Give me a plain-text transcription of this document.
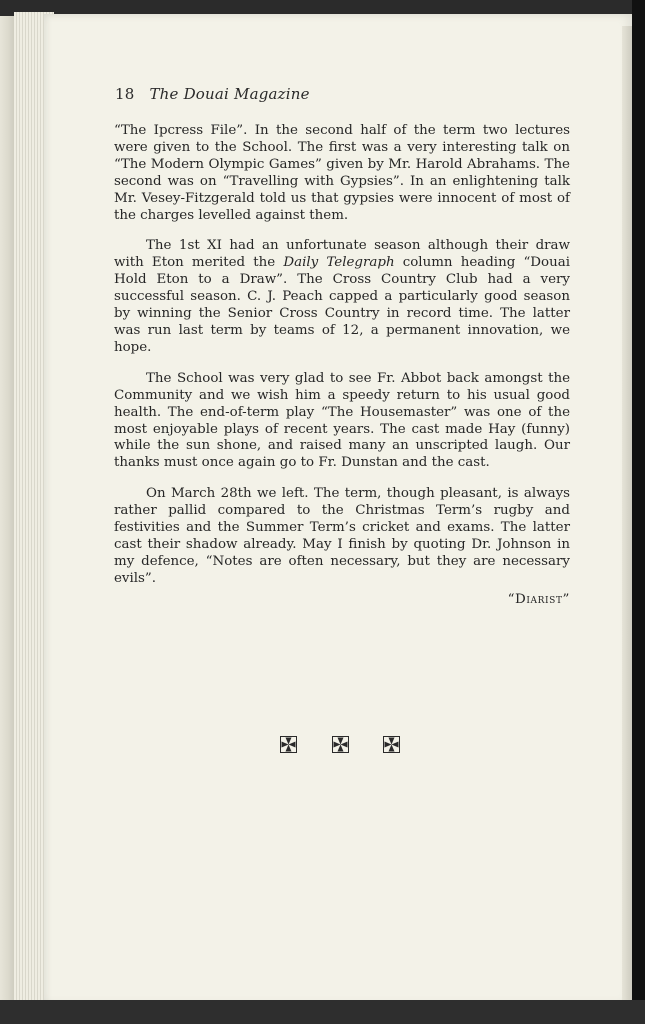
18 The Douai Magazine

“The Ipcress File”. In the second half of the term two lectures were given to the School. The first was a very interesting talk on “The Modern Olympic Games” given by Mr. Harold Abrahams. The second was on “Travelling with Gypsies”. In an enlightening talk Mr. Vesey-Fitzgerald told us that gypsies were innocent of most of the charges levelled against them.

The 1st XI had an unfortunate season although their draw with Eton merited the Daily Telegraph column heading “Douai Hold Eton to a Draw”. The Cross Country Club had a very successful season. C. J. Peach capped a particularly good season by winning the Senior Cross Country in record time. The latter was run last term by teams of 12, a permanent innovation, we hope.

The School was very glad to see Fr. Abbot back amongst the Community and we wish him a speedy return to his usual good health. The end-of-term play “The Housemaster” was one of the most enjoyable plays of recent years. The cast made Hay (funny) while the sun shone, and raised many an unscripted laugh. Our thanks must once again go to Fr. Dunstan and the cast.

On March 28th we left. The term, though pleasant, is always rather pallid compared to the Christmas Term’s rugby and festivities and the Summer Term’s cricket and exams. The latter cast their shadow already. May I finish by quoting Dr. Johnson in my defence, “Notes are often necessary, but they are necessary evils”.

“Diarist”
